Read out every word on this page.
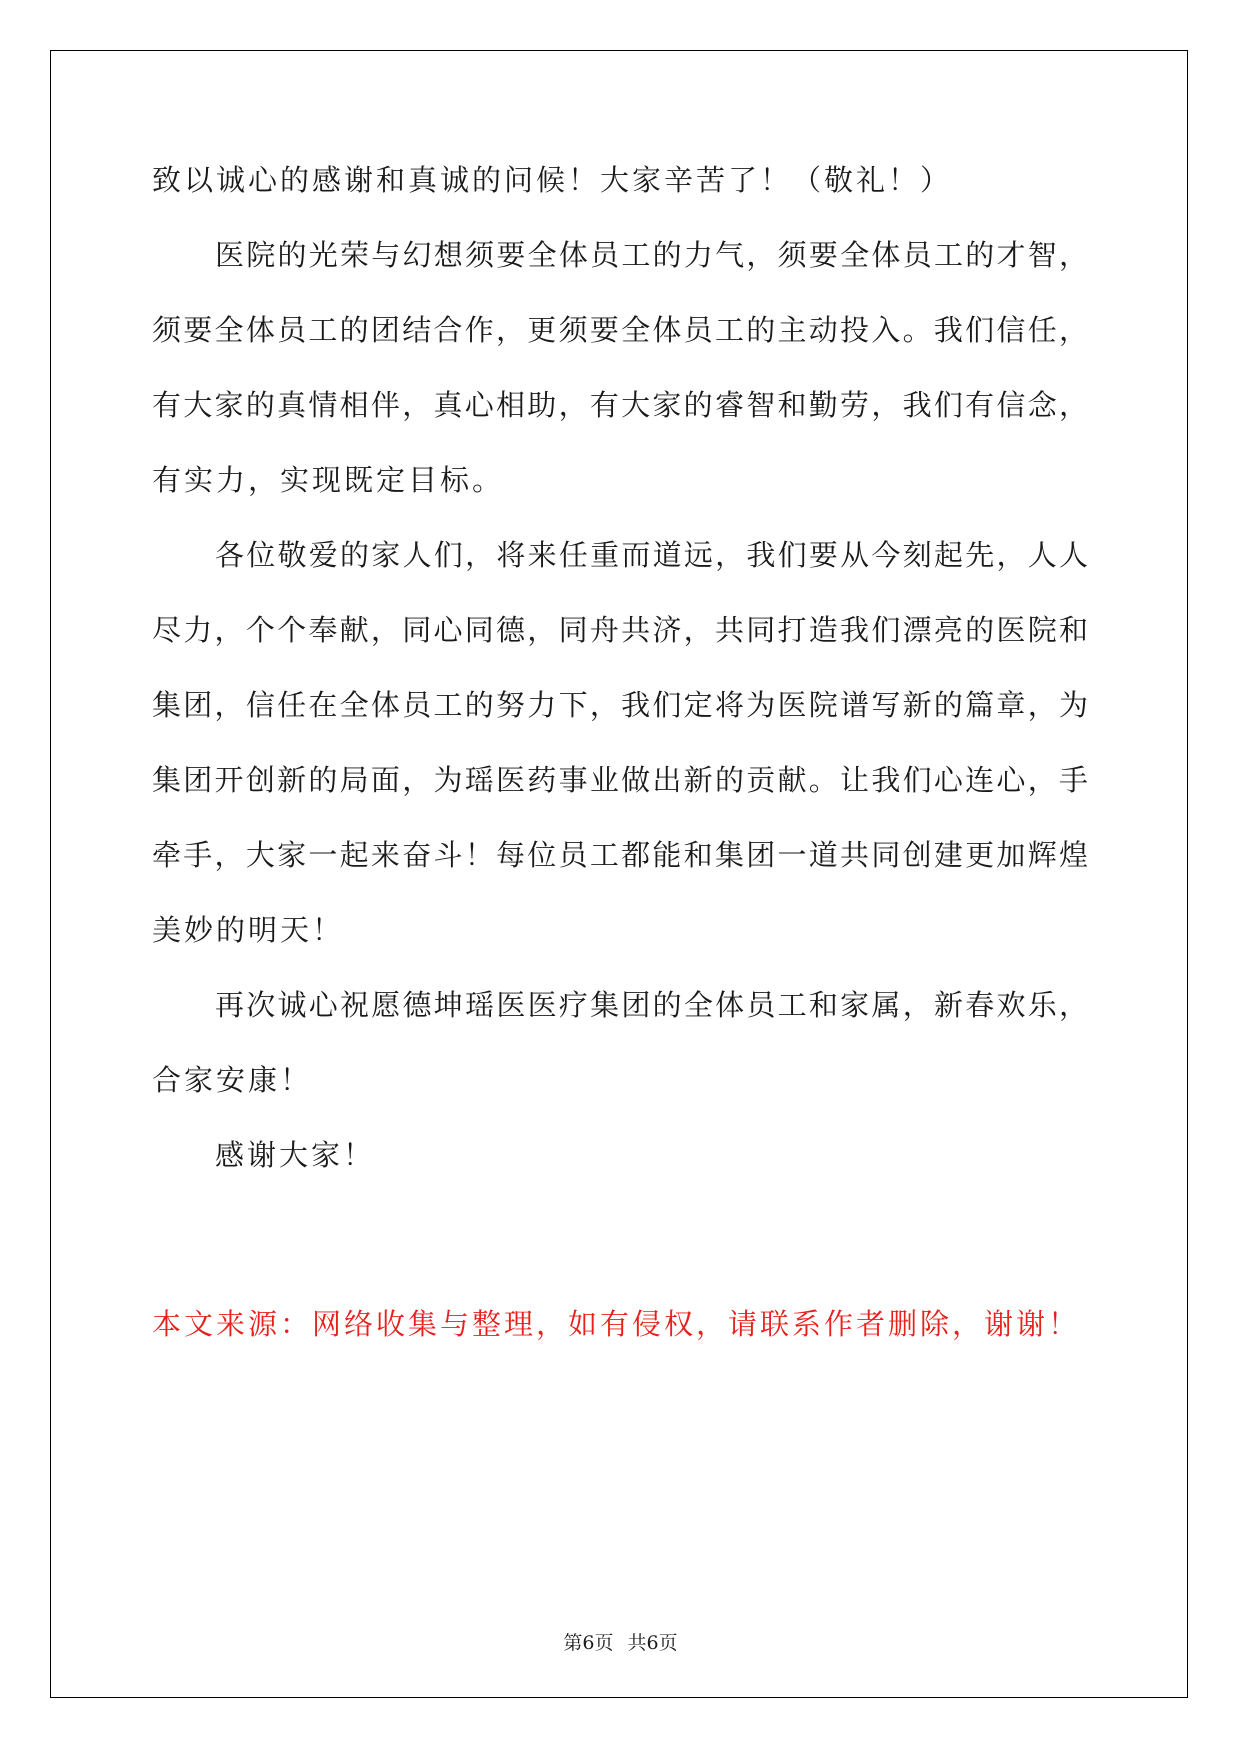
致以诚心的感谢和真诚的问候！大家辛苦了！（敬礼！）

医院的光荣与幻想须要全体员工的力气，须要全体员工的才智，

须要全体员工的团结合作，更须要全体员工的主动投入。我们信任，

有大家的真情相伴，真心相助，有大家的睿智和勤劳，我们有信念，

有实力，实现既定目标。

各位敬爱的家人们，将来任重而道远，我们要从今刻起先，人人

尽力，个个奉献，同心同德，同舟共济，共同打造我们漂亮的医院和

集团，信任在全体员工的努力下，我们定将为医院谱写新的篇章，为

集团开创新的局面，为瑶医药事业做出新的贡献。让我们心连心，手

牵手，大家一起来奋斗！每位员工都能和集团一道共同创建更加辉煌

美妙的明天！

再次诚心祝愿德坤瑶医医疗集团的全体员工和家属，新春欢乐，

合家安康！

感谢大家！

本文来源：网络收集与整理，如有侵权，请联系作者删除，谢谢！

第6页 共6页
